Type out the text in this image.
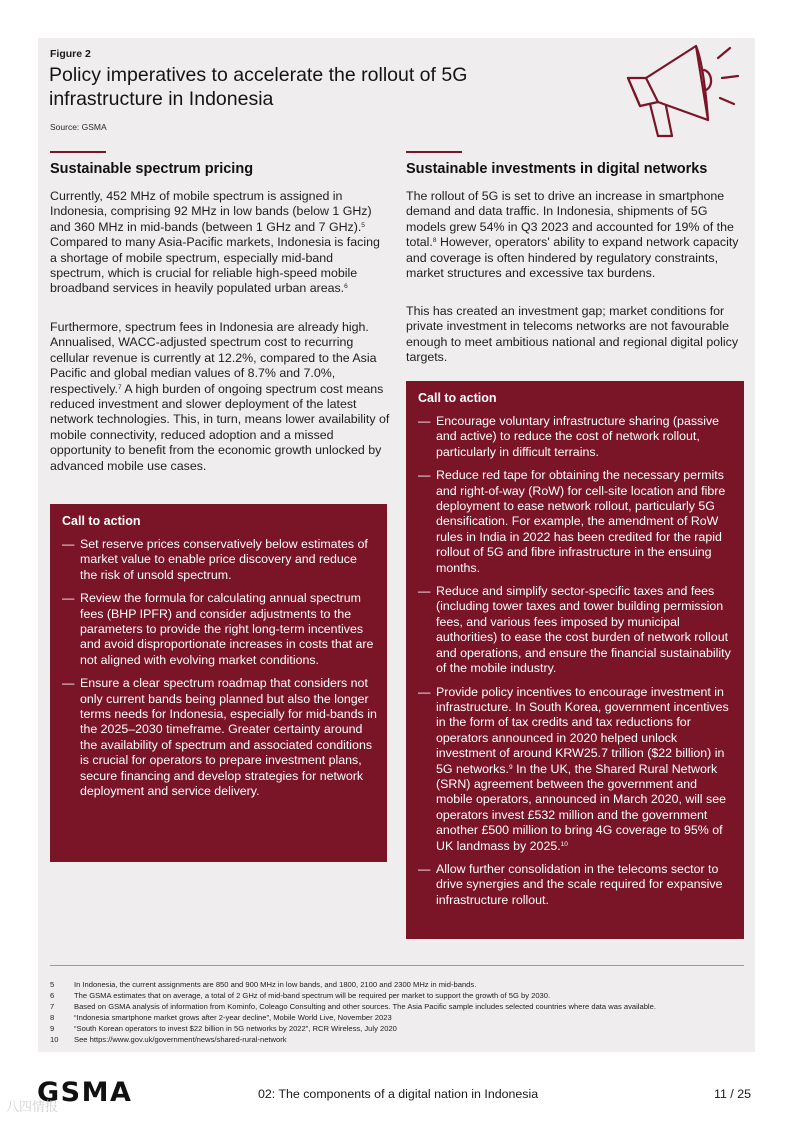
Figure 2
Policy imperatives to accelerate the rollout of 5G infrastructure in Indonesia
Source: GSMA
Sustainable spectrum pricing
Currently, 452 MHz of mobile spectrum is assigned in Indonesia, comprising 92 MHz in low bands (below 1 GHz) and 360 MHz in mid-bands (between 1 GHz and 7 GHz).$^5$ Compared to many Asia-Pacific markets, Indonesia is facing a shortage of mobile spectrum, especially mid-band spectrum, which is crucial for reliable high-speed mobile broadband services in heavily populated urban areas.$^6$
Furthermore, spectrum fees in Indonesia are already high. Annualised, WACC-adjusted spectrum cost to recurring cellular revenue is currently at 12.2%, compared to the Asia Pacific and global median values of 8.7% and 7.0%, respectively.$^7$ A high burden of ongoing spectrum cost means reduced investment and slower deployment of the latest network technologies. This, in turn, means lower availability of mobile connectivity, reduced adoption and a missed opportunity to benefit from the economic growth unlocked by advanced mobile use cases.
Call to action
— Set reserve prices conservatively below estimates of market value to enable price discovery and reduce the risk of unsold spectrum.
— Review the formula for calculating annual spectrum fees (BHP IPFR) and consider adjustments to the parameters to provide the right long-term incentives and avoid disproportionate increases in costs that are not aligned with evolving market conditions.
— Ensure a clear spectrum roadmap that considers not only current bands being planned but also the longer terms needs for Indonesia, especially for mid-bands in the 2025–2030 timeframe. Greater certainty around the availability of spectrum and associated conditions is crucial for operators to prepare investment plans, secure financing and develop strategies for network deployment and service delivery.
Sustainable investments in digital networks
The rollout of 5G is set to drive an increase in smartphone demand and data traffic. In Indonesia, shipments of 5G models grew 54% in Q3 2023 and accounted for 19% of the total.$^8$ However, operators' ability to expand network capacity and coverage is often hindered by regulatory constraints, market structures and excessive tax burdens.
This has created an investment gap; market conditions for private investment in telecoms networks are not favourable enough to meet ambitious national and regional digital policy targets.
Call to action
— Encourage voluntary infrastructure sharing (passive and active) to reduce the cost of network rollout, particularly in difficult terrains.
— Reduce red tape for obtaining the necessary permits and right-of-way (RoW) for cell-site location and fibre deployment to ease network rollout, particularly 5G densification. For example, the amendment of RoW rules in India in 2022 has been credited for the rapid rollout of 5G and fibre infrastructure in the ensuing months.
— Reduce and simplify sector-specific taxes and fees (including tower taxes and tower building permission fees, and various fees imposed by municipal authorities) to ease the cost burden of network rollout and operations, and ensure the financial sustainability of the mobile industry.
— Provide policy incentives to encourage investment in infrastructure. In South Korea, government incentives in the form of tax credits and tax reductions for operators announced in 2020 helped unlock investment of around KRW25.7 trillion ($22 billion) in 5G networks.$^9$ In the UK, the Shared Rural Network (SRN) agreement between the government and mobile operators, announced in March 2020, will see operators invest £532 million and the government another £500 million to bring 4G coverage to 95% of UK landmass by 2025.10
— Allow further consolidation in the telecoms sector to drive synergies and the scale required for expansive infrastructure rollout.
5	In Indonesia, the current assignments are 850 and 900 MHz in low bands, and 1800, 2100 and 2300 MHz in mid-bands.
6	The GSMA estimates that on average, a total of 2 GHz of mid-band spectrum will be required per market to support the growth of 5G by 2030.
7	Based on GSMA analysis of information from Kominfo, Coleago Consulting and other sources. The Asia Pacific sample includes selected countries where data was available.
8	“Indonesia smartphone market grows after 2-year decline”, Mobile World Live, November 2023
9	“South Korean operators to invest $22 billion in 5G networks by 2022”, RCR Wireless, July 2020
10	See https://www.gov.uk/government/news/shared-rural-network
GSMA	02: The components of a digital nation in Indonesia	11 / 25
八四情报
